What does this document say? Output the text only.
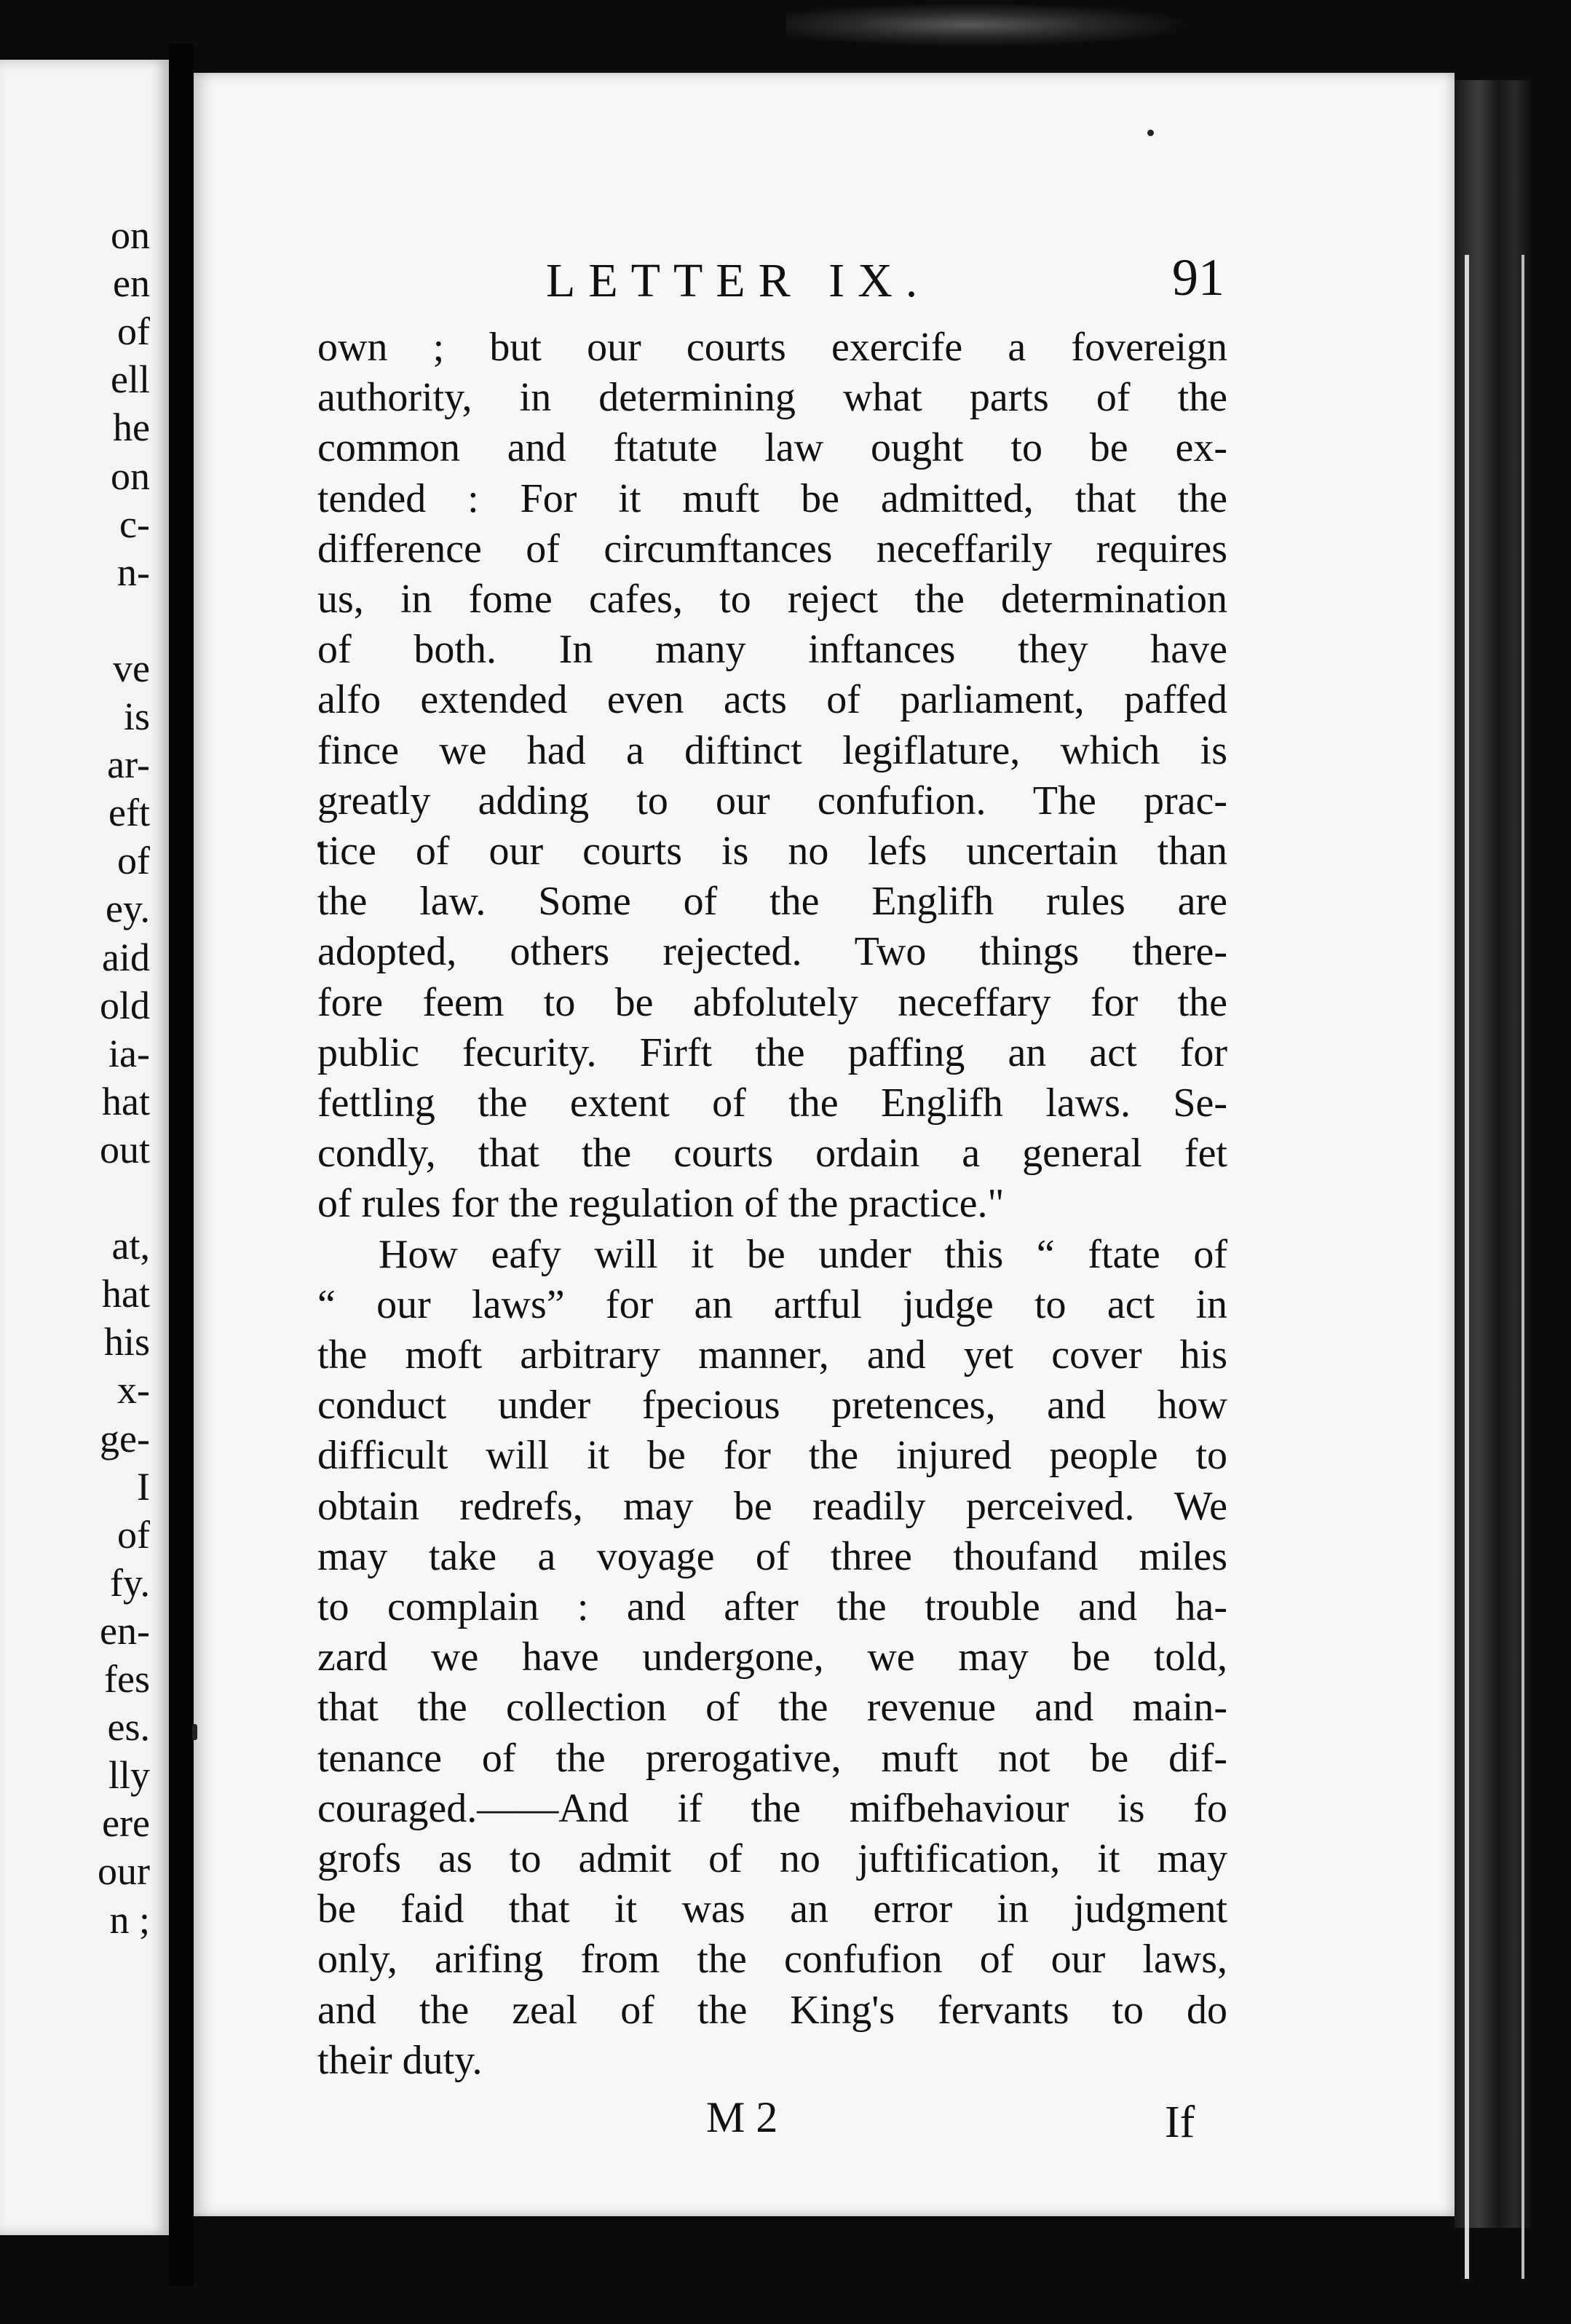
on
en
of
ell
he
on
c-
n-
ve
is
ar-
eft
of
ey.
aid
old
ia-
hat
out
at,
hat
his
x-
ge-
I
of
fy.
en-
fes
es.
lly
ere
our
n ;
LETTER IX.	91
own ; but our courts exercife a fovereign
authority, in determining what parts of the
common and ftatute law ought to be ex-
tended : For it muft be admitted, that the
difference of circumftances neceffarily requires
us, in fome cafes, to reject the determination
of both. In many inftances they have
alfo extended even acts of parliament, paffed
fince we had a diftinct legiflature, which is
greatly adding to our confufion. The prac-
tice of our courts is no lefs uncertain than
the law. Some of the Englifh rules are
adopted, others rejected. Two things there-
fore feem to be abfolutely neceffary for the
public fecurity. Firft the paffing an act for
fettling the extent of the Englifh laws. Se-
condly, that the courts ordain a general fet
of rules for the regulation of the practice."
How eafy will it be under this “ ftate of
“ our laws” for an artful judge to act in
the moft arbitrary manner, and yet cover his
conduct under fpecious pretences, and how
difficult will it be for the injured people to
obtain redrefs, may be readily perceived. We
may take a voyage of three thoufand miles
to complain : and after the trouble and ha-
zard we have undergone, we may be told,
that the collection of the revenue and main-
tenance of the prerogative, muft not be dif-
couraged.——And if the mifbehaviour is fo
grofs as to admit of no juftification, it may
be faid that it was an error in judgment
only, arifing from the confufion of our laws,
and the zeal of the King's fervants to do
their duty.
M 2	If
